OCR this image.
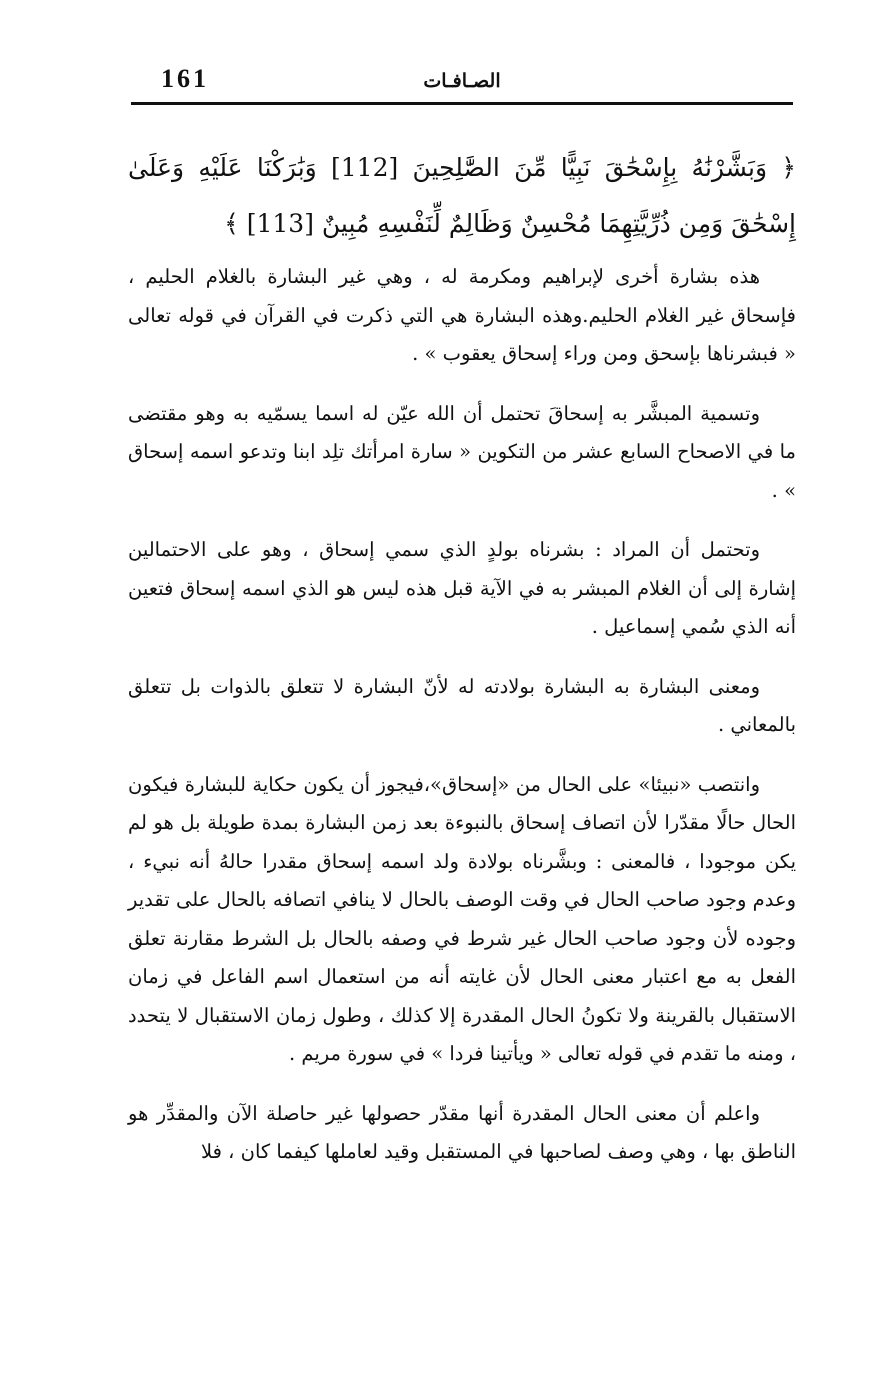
الصـافـات
161
﴿ وَبَشَّرْنَٰهُ بِإِسْحَٰقَ نَبِيًّا مِّنَ الصَّٰلِحِينَ [112] وَبَٰرَكْنَا عَلَيْهِ وَعَلَىٰ إِسْحَٰقَ وَمِن ذُرِّيَّتِهِمَا مُحْسِنٌ وَظَالِمٌ لِّنَفْسِهِ مُبِينٌ [113] ﴾

هذه بشارة أخرى لإبراهيم ومكرمة له ، وهي غير البشارة بالغلام الحليم ، فإسحاق غير الغلام الحليم.وهذه البشارة هي التي ذكرت في القرآن في قوله تعالى « فبشرناها بإسحق ومن وراء إسحاق يعقوب » .

وتسمية المبشَّر به إسحاقَ تحتمل أن الله عيّن له اسما يسمّيه به وهو مقتضى ما في الاصحاح السابع عشر من التكوين « سارة امرأتك تلِد ابنا وتدعو اسمه إسحاق » .

وتحتمل أن المراد : بشرناه بولدٍ الذي سمي إسحاق ، وهو على الاحتمالين إشارة إلى أن الغلام المبشر به في الآية قبل هذه ليس هو الذي اسمه إسحاق فتعين أنه الذي سُمي إسماعيل .

ومعنى البشارة به البشارة بولادته له لأنّ البشارة لا تتعلق بالذوات بل تتعلق بالمعاني .

وانتصب «نبيئا» على الحال من «إسحاق»،فيجوز أن يكون حكاية للبشارة فيكون الحال حالًا مقدّرا لأن اتصاف إسحاق بالنبوءة بعد زمن البشارة بمدة طويلة بل هو لم يكن موجودا ، فالمعنى : وبشَّرناه بولادة ولد اسمه إسحاق مقدرا حالهُ أنه نبيء ، وعدم وجود صاحب الحال في وقت الوصف بالحال لا ينافي اتصافه بالحال على تقدير وجوده لأن وجود صاحب الحال غير شرط في وصفه بالحال بل الشرط مقارنة تعلق الفعل به مع اعتبار معنى الحال لأن غايته أنه من استعمال اسم الفاعل في زمان الاستقبال بالقرينة ولا تكونُ الحال المقدرة إلا كذلك ، وطول زمان الاستقبال لا يتحدد ، ومنه ما تقدم في قوله تعالى « ويأتينا فردا » في سورة مريم .

واعلم أن معنى الحال المقدرة أنها مقدّر حصولها غير حاصلة الآن والمقدِّر هو الناطق بها ، وهي وصف لصاحبها في المستقبل وقيد لعاملها كيفما كان ، فلا
